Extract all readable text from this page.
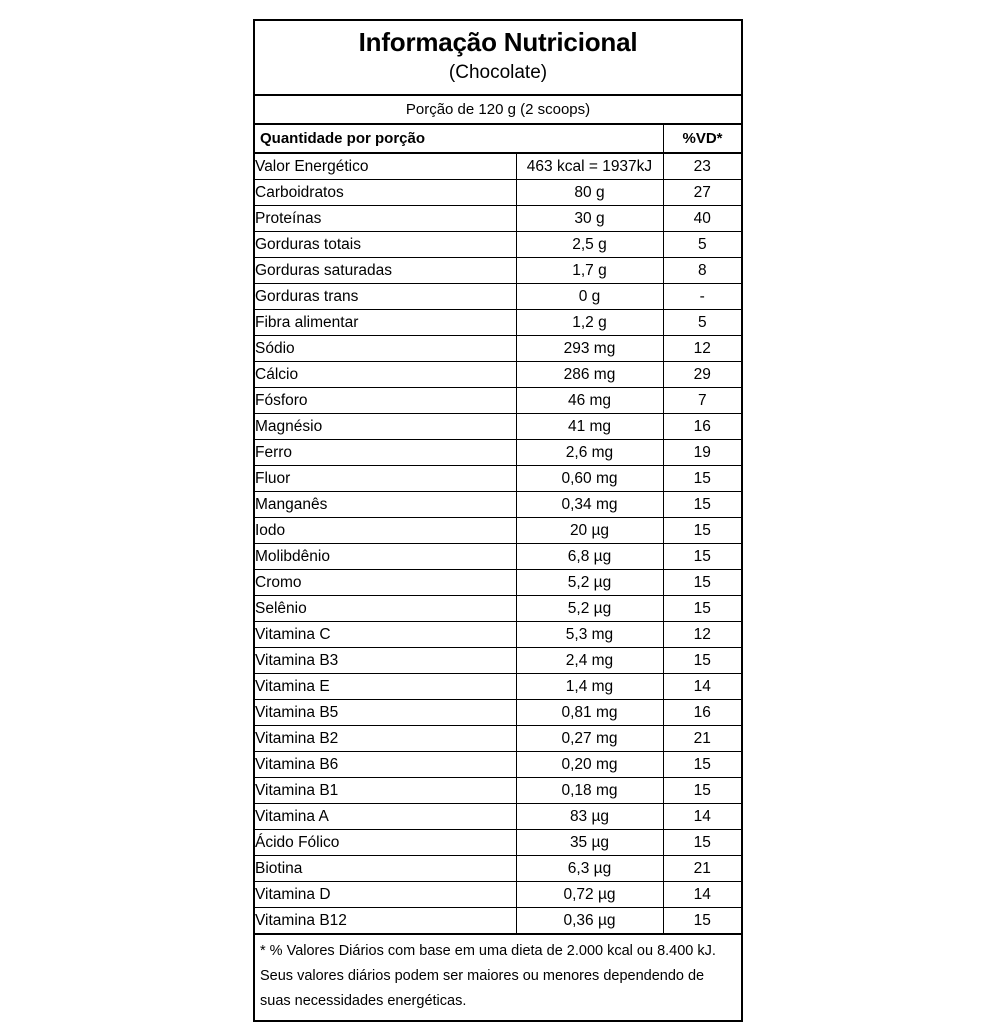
Informação Nutricional
(Chocolate)
Porção de 120 g (2 scoops)
Quantidade por porção	%VD*
Valor Energético	463 kcal = 1937kJ	23
Carboidratos	80 g	27
Proteínas	30 g	40
Gorduras totais	2,5 g	5
Gorduras saturadas	1,7 g	8
Gorduras trans	0 g	-
Fibra alimentar	1,2 g	5
Sódio	293 mg	12
Cálcio	286 mg	29
Fósforo	46 mg	7
Magnésio	41 mg	16
Ferro	2,6 mg	19
Fluor	0,60 mg	15
Manganês	0,34 mg	15
Iodo	20 µg	15
Molibdênio	6,8 µg	15
Cromo	5,2 µg	15
Selênio	5,2 µg	15
Vitamina C	5,3 mg	12
Vitamina B3	2,4 mg	15
Vitamina E	1,4 mg	14
Vitamina B5	0,81 mg	16
Vitamina B2	0,27 mg	21
Vitamina B6	0,20 mg	15
Vitamina B1	0,18 mg	15
Vitamina A	83 µg	14
Ácido Fólico	35 µg	15
Biotina	6,3 µg	21
Vitamina D	0,72 µg	14
Vitamina B12	0,36 µg	15

* % Valores Diários com base em uma dieta de 2.000 kcal ou 8.400 kJ.

Seus valores diários podem ser maiores ou menores dependendo de

suas necessidades energéticas.
